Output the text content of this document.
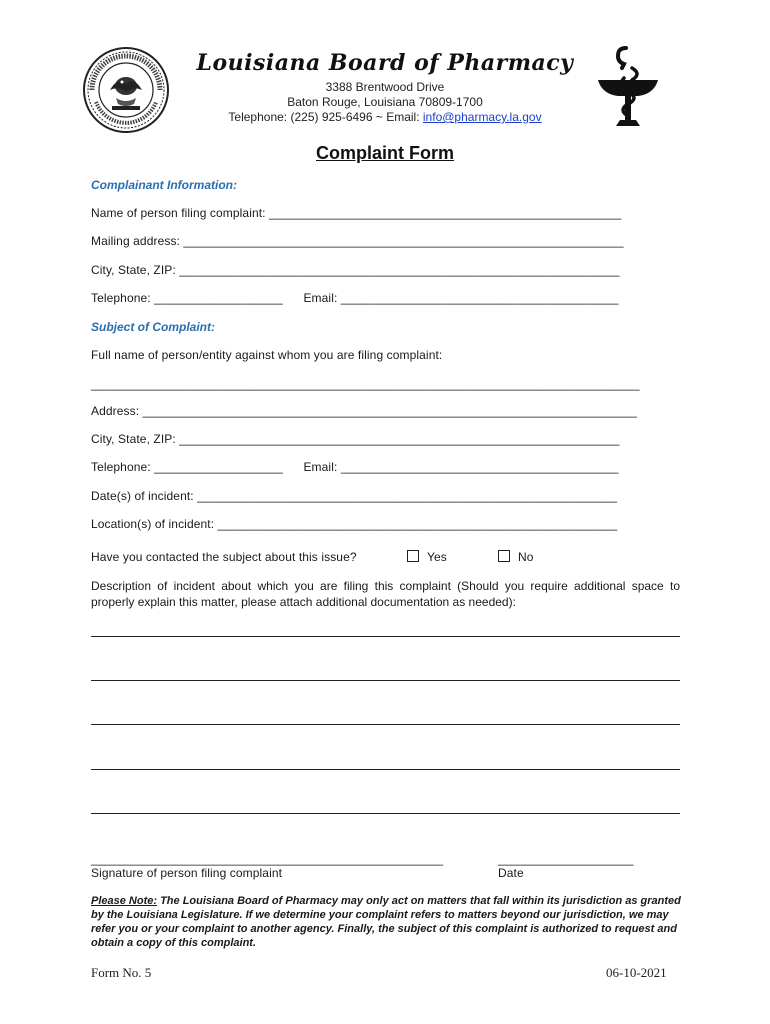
Louisiana Board of Pharmacy
3388 Brentwood Drive
Baton Rouge, Louisiana 70809-1700
Telephone: (225) 925-6496 ~ Email: info@pharmacy.la.gov
Complaint Form
Complainant Information:
Name of person filing complaint: ____________________________________________________
Mailing address: _________________________________________________________________
City, State, ZIP: _________________________________________________________________
Telephone: ___________________      Email: _________________________________________
Subject of Complaint:
Full name of person/entity against whom you are filing complaint:
_________________________________________________________________________________
Address: _________________________________________________________________________
City, State, ZIP: _________________________________________________________________
Telephone: ___________________      Email: _________________________________________
Date(s) of incident: ______________________________________________________________
Location(s) of incident: ___________________________________________________________
Have you contacted the subject about this issue?	Yes	No
Description of incident about which you are filing this complaint (Should you require additional space to properly explain this matter, please attach additional documentation as needed):
____________________________________________________
Signature of person filing complaint
____________________
Date
Please Note: The Louisiana Board of Pharmacy may only act on matters that fall within its jurisdiction as granted by the Louisiana Legislature. If we determine your complaint refers to matters beyond our jurisdiction, we may refer you or your complaint to another agency. Finally, the subject of this complaint is authorized to request and obtain a copy of this complaint.
Form No. 5	06-10-2021
